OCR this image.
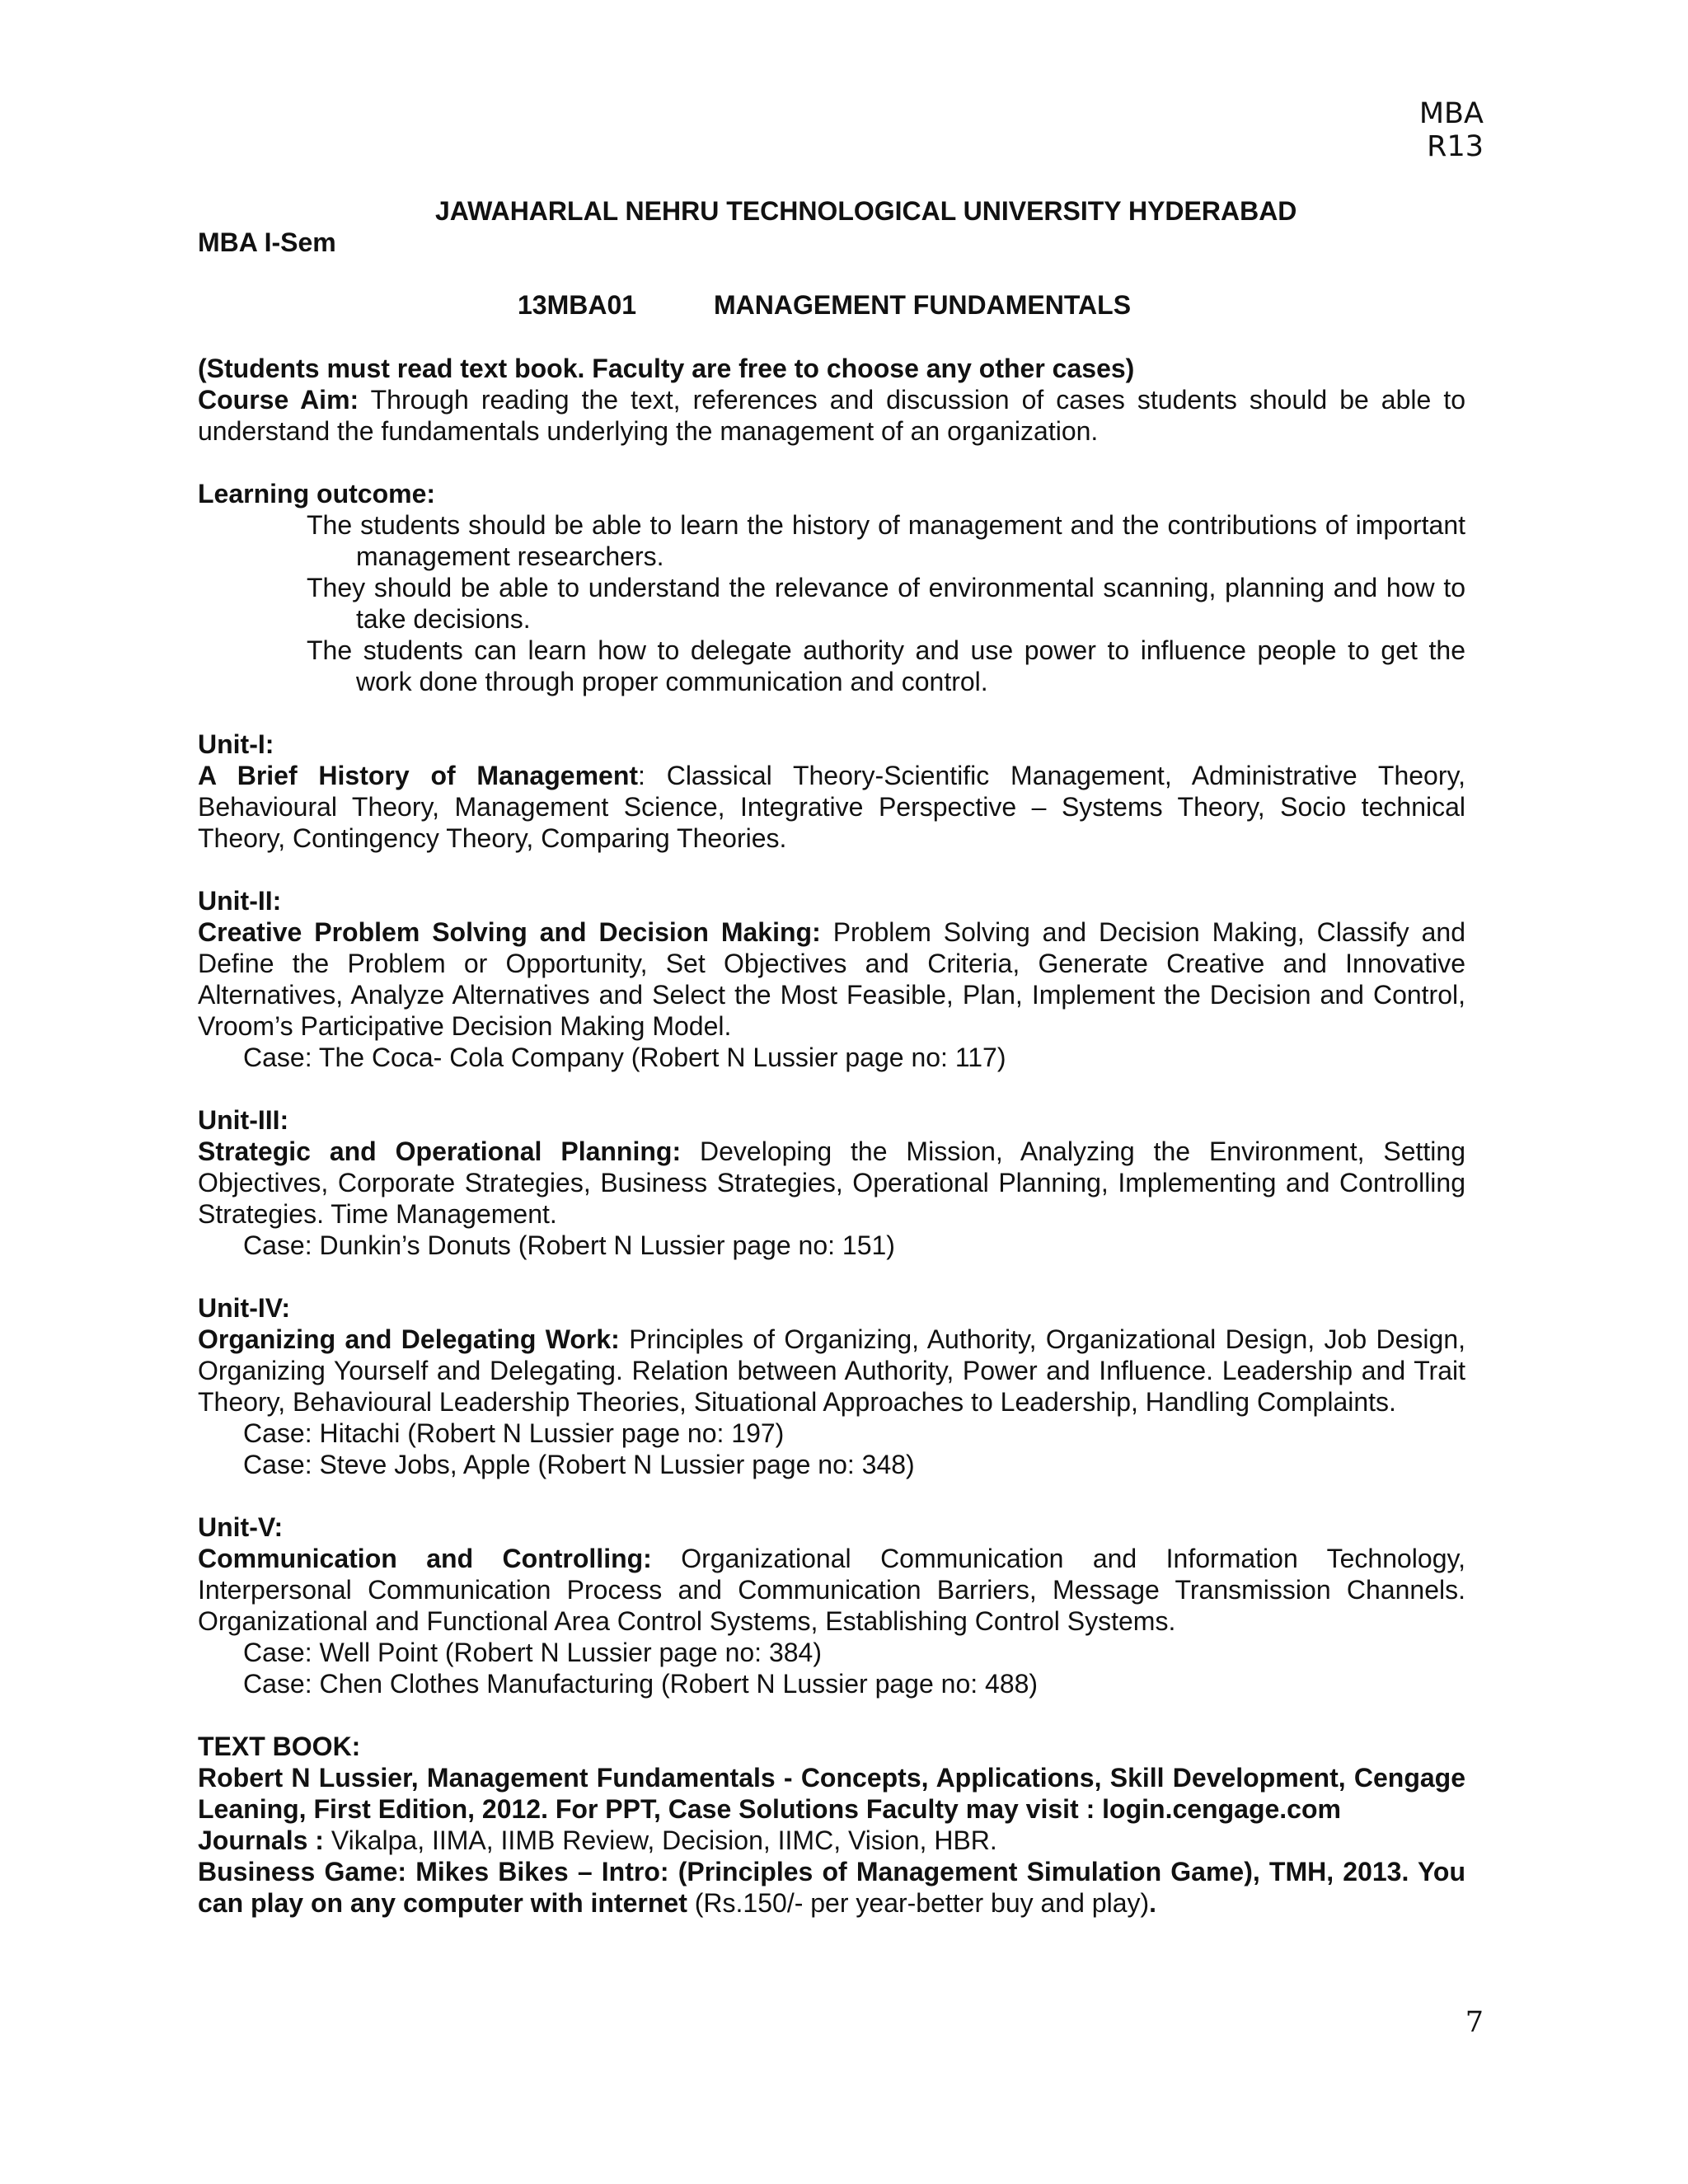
MBA R13
JAWAHARLAL NEHRU TECHNOLOGICAL UNIVERSITY HYDERABAD
MBA I-Sem
13MBA01	MANAGEMENT FUNDAMENTALS

(Students must read text book. Faculty are free to choose any other cases)

Course Aim: Through reading the text, references and discussion of cases students should be able to understand the fundamentals underlying the management of an organization.

Learning outcome:

The students should be able to learn the history of management and the contributions of important management researchers.
They should be able to understand the relevance of environmental scanning, planning and how to take decisions.
The students can learn how to delegate authority and use power to influence people to get the work done through proper communication and control.

Unit-I:

A Brief History of Management: Classical Theory-Scientific Management, Administrative Theory, Behavioural Theory, Management Science, Integrative Perspective – Systems Theory, Socio technical Theory, Contingency Theory, Comparing Theories.

Unit-II:

Creative Problem Solving and Decision Making: Problem Solving and Decision Making, Classify and Define the Problem or Opportunity, Set Objectives and Criteria, Generate Creative and Innovative Alternatives, Analyze Alternatives and Select the Most Feasible, Plan, Implement the Decision and Control, Vroom’s Participative Decision Making Model.

Case: The Coca- Cola Company (Robert N Lussier page no: 117)

Unit-III:

Strategic and Operational Planning: Developing the Mission, Analyzing the Environment, Setting Objectives, Corporate Strategies, Business Strategies, Operational Planning, Implementing and Controlling Strategies. Time Management.

Case: Dunkin’s Donuts (Robert N Lussier page no: 151)

Unit-IV:

Organizing and Delegating Work: Principles of Organizing, Authority, Organizational Design, Job Design, Organizing Yourself and Delegating. Relation between Authority, Power and Influence. Leadership and Trait Theory, Behavioural Leadership Theories, Situational Approaches to Leadership, Handling Complaints.

Case: Hitachi (Robert N Lussier page no: 197)

Case: Steve Jobs, Apple (Robert N Lussier page no: 348)

Unit-V:

Communication and Controlling: Organizational Communication and Information Technology, Interpersonal Communication Process and Communication Barriers, Message Transmission Channels. Organizational and Functional Area Control Systems, Establishing Control Systems.

Case: Well Point (Robert N Lussier page no: 384)

Case: Chen Clothes Manufacturing (Robert N Lussier page no: 488)

TEXT BOOK:

Robert N Lussier, Management Fundamentals - Concepts, Applications, Skill Development, Cengage Leaning, First Edition, 2012. For PPT, Case Solutions Faculty may visit : login.cengage.com

Journals : Vikalpa, IIMA, IIMB Review, Decision, IIMC, Vision, HBR.

Business Game: Mikes Bikes – Intro: (Principles of Management Simulation Game), TMH, 2013. You can play on any computer with internet (Rs.150/- per year-better buy and play).

7
